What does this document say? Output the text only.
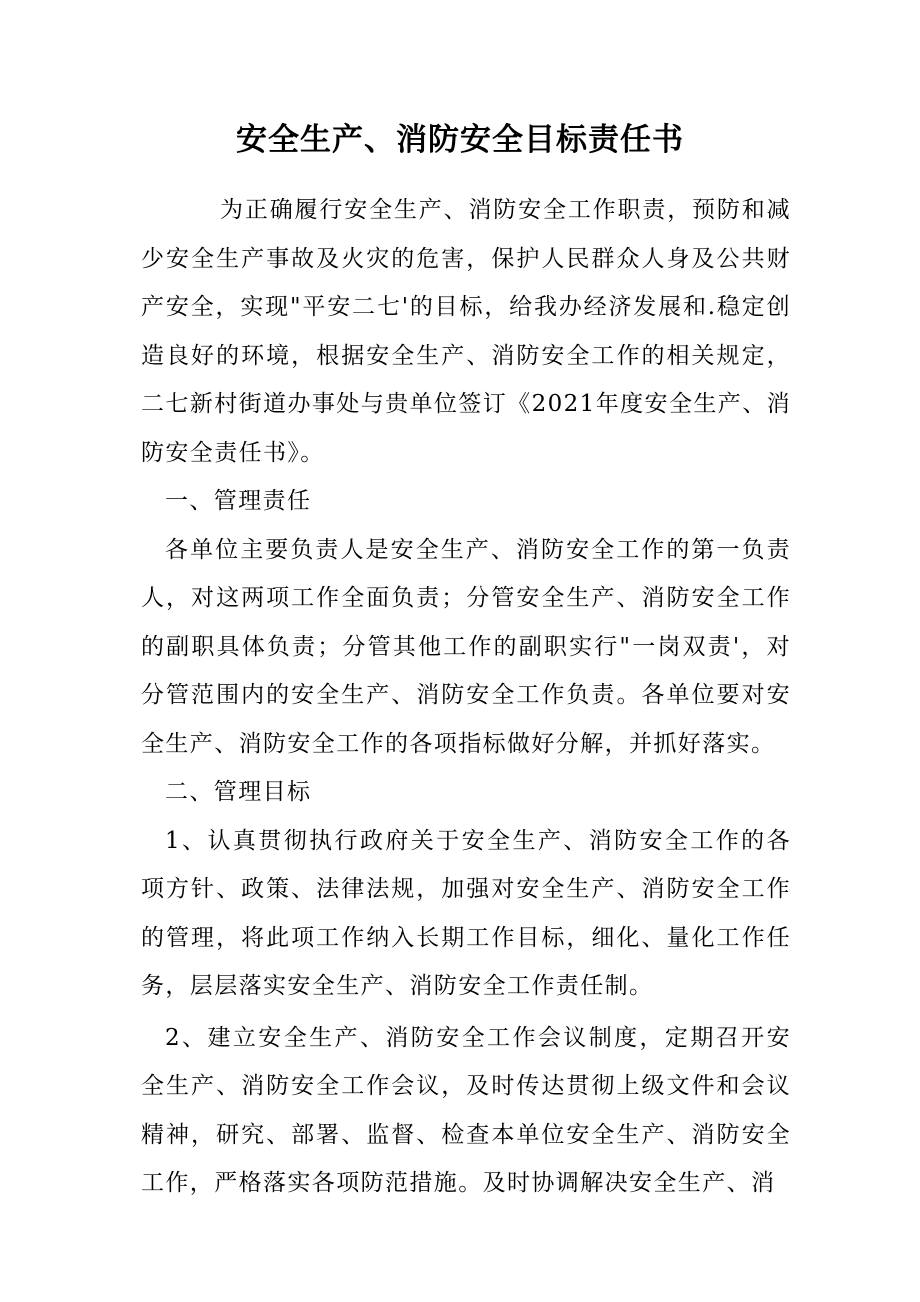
安全生产、消防安全目标责任书

为正确履行安全生产、消防安全工作职责，预防和减少安全生产事故及火灾的危害，保护人民群众人身及公共财产安全，实现"平安二七'的目标，给我办经济发展和.稳定创造良好的环境，根据安全生产、消防安全工作的相关规定，二七新村街道办事处与贵单位签订《2021年度安全生产、消防安全责任书》。

一、管理责任

各单位主要负责人是安全生产、消防安全工作的第一负责人，对这两项工作全面负责；分管安全生产、消防安全工作的副职具体负责；分管其他工作的副职实行"一岗双责'，对分管范围内的安全生产、消防安全工作负责。各单位要对安全生产、消防安全工作的各项指标做好分解，并抓好落实。

二、管理目标

1、认真贯彻执行政府关于安全生产、消防安全工作的各项方针、政策、法律法规，加强对安全生产、消防安全工作的管理，将此项工作纳入长期工作目标，细化、量化工作任务，层层落实安全生产、消防安全工作责任制。

2、建立安全生产、消防安全工作会议制度，定期召开安全生产、消防安全工作会议，及时传达贯彻上级文件和会议精神，研究、部署、监督、检查本单位安全生产、消防安全工作，严格落实各项防范措施。及时协调解决安全生产、消
